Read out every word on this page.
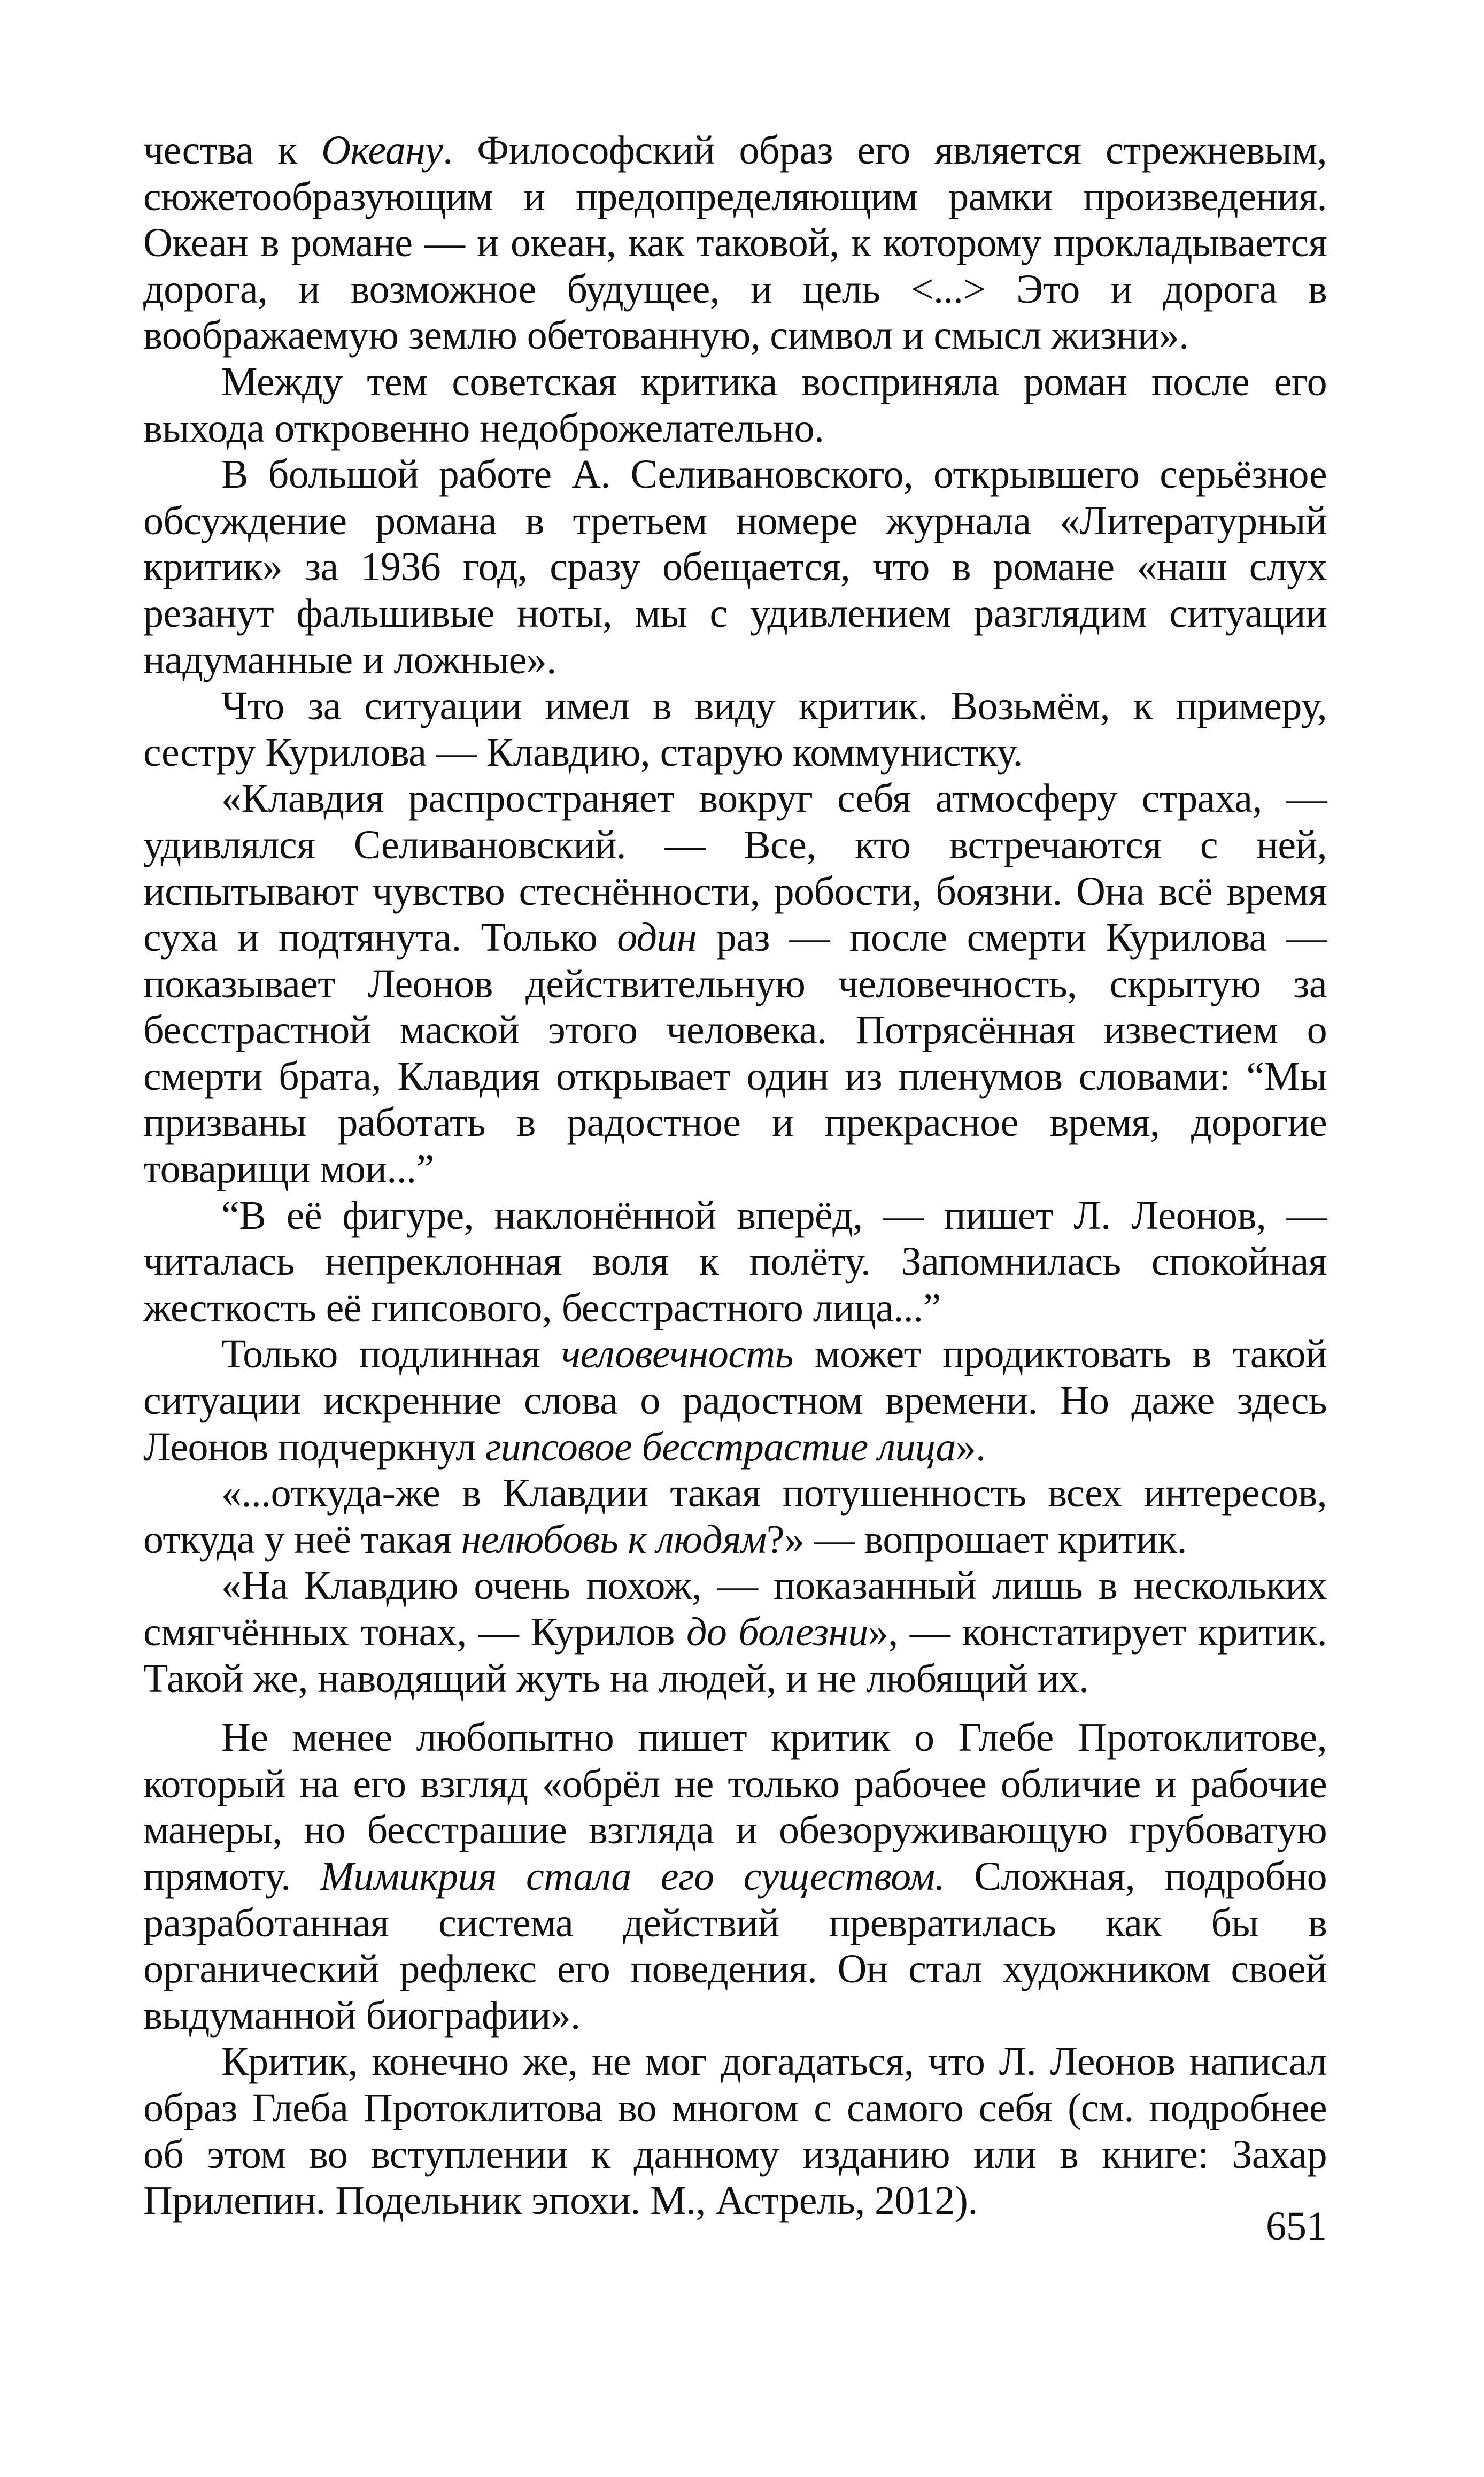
чества к Океану. Философский образ его является стрежневым, сюжетообразующим и предопределяющим рамки произведения. Океан в романе — и океан, как таковой, к которому прокладывается дорога, и возможное будущее, и цель <...> Это и дорога в воображаемую землю обетованную, символ и смысл жизни».

Между тем советская критика восприняла роман после его выхода откровенно недоброжелательно.

В большой работе А. Селивановского, открывшего серьёзное обсуждение романа в третьем номере журнала «Литературный критик» за 1936 год, сразу обещается, что в романе «наш слух резанут фальшивые ноты, мы с удивлением разглядим ситуации надуманные и ложные».

Что за ситуации имел в виду критик. Возьмём, к примеру, сестру Курилова — Клавдию, старую коммунистку.

«Клавдия распространяет вокруг себя атмосферу страха, — удивлялся Селивановский. — Все, кто встречаются с ней, испытывают чувство стеснённости, робости, боязни. Она всё время суха и подтянута. Только один раз — после смерти Курилова — показывает Леонов действительную человечность, скрытую за бесстрастной маской этого человека. Потрясённая известием о смерти брата, Клавдия открывает один из пленумов словами: “Мы призваны работать в радостное и прекрасное время, дорогие товарищи мои...”

“В её фигуре, наклонённой вперёд, — пишет Л. Леонов, — читалась непреклонная воля к полёту. Запомнилась спокойная жесткость её гипсового, бесстрастного лица...”

Только подлинная человечность может продиктовать в такой ситуации искренние слова о радостном времени. Но даже здесь Леонов подчеркнул гипсовое бесстрастие лица».

«...откуда-же в Клавдии такая потушенность всех интересов, откуда у неё такая нелюбовь к людям?» — вопрошает критик.

«На Клавдию очень похож, — показанный лишь в нескольких смягчённых тонах, — Курилов до болезни», — констатирует критик. Такой же, наводящий жуть на людей, и не любящий их.

Не менее любопытно пишет критик о Глебе Протоклитове, который на его взгляд «обрёл не только рабочее обличие и рабочие манеры, но бесстрашие взгляда и обезоруживающую грубоватую прямоту. Мимикрия стала его существом. Сложная, подробно разработанная система действий превратилась как бы в органический рефлекс его поведения. Он стал художником своей выдуманной биографии».

Критик, конечно же, не мог догадаться, что Л. Леонов написал образ Глеба Протоклитова во многом с самого себя (см. подробнее об этом во вступлении к данному изданию или в книге: Захар Прилепин. Подельник эпохи. М., Астрель, 2012).

651
